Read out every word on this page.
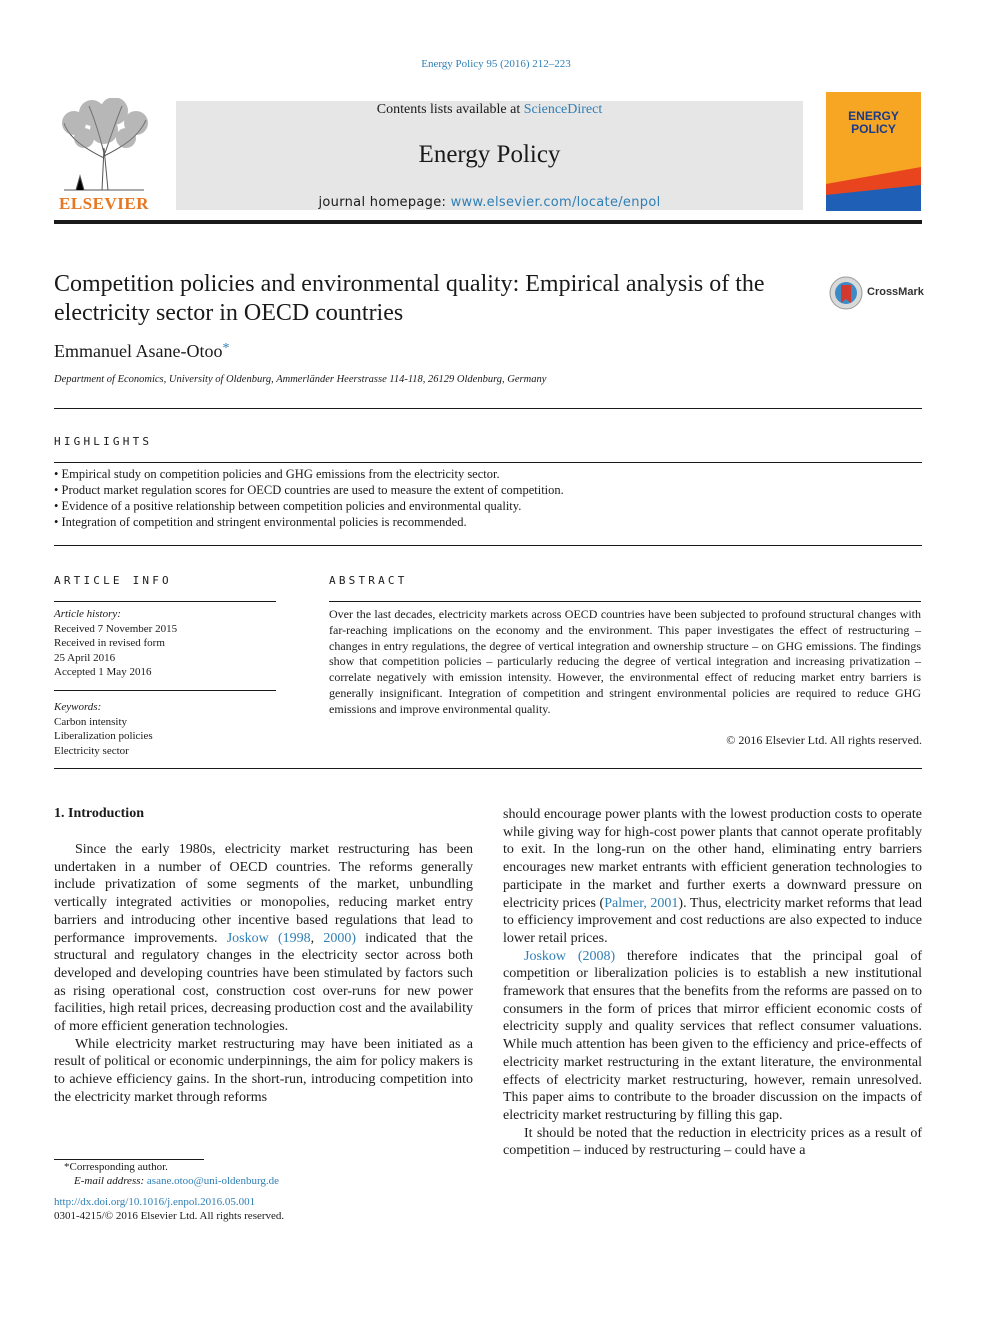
Energy Policy 95 (2016) 212–223
ELSEVIER
Contents lists available at ScienceDirect
Energy Policy
journal homepage: www.elsevier.com/locate/enpol
ENERGY
POLICY
Competition policies and environmental quality: Empirical analysis of the electricity sector in OECD countries
CrossMark
Emmanuel Asane-Otoo*
Department of Economics, University of Oldenburg, Ammerländer Heerstrasse 114-118, 26129 Oldenburg, Germany
HIGHLIGHTS
• Empirical study on competition policies and GHG emissions from the electricity sector.
• Product market regulation scores for OECD countries are used to measure the extent of competition.
• Evidence of a positive relationship between competition policies and environmental quality.
• Integration of competition and stringent environmental policies is recommended.
ARTICLE INFO	ABSTRACT
Article history:
Received 7 November 2015
Received in revised form
25 April 2016
Accepted 1 May 2016
Keywords:
Carbon intensity
Liberalization policies
Electricity sector
Over the last decades, electricity markets across OECD countries have been subjected to profound structural changes with far-reaching implications on the economy and the environment. This paper investigates the effect of restructuring – changes in entry regulations, the degree of vertical integration and ownership structure – on GHG emissions. The findings show that competition policies – particularly reducing the degree of vertical integration and increasing privatization – correlate negatively with emission intensity. However, the environmental effect of reducing market entry barriers is generally insignificant. Integration of competition and stringent environmental policies are required to reduce GHG emissions and improve environmental quality.
© 2016 Elsevier Ltd. All rights reserved.
1. Introduction

Since the early 1980s, electricity market restructuring has been undertaken in a number of OECD countries. The reforms generally include privatization of some segments of the market, unbundling vertically integrated activities or monopolies, reducing market entry barriers and introducing other incentive based regulations that lead to performance improvements. Joskow (1998, 2000) indicated that the structural and regulatory changes in the electricity sector across both developed and developing countries have been stimulated by factors such as rising operational cost, construction cost over-runs for new power facilities, high retail prices, decreasing production cost and the availability of more efficient generation technologies.

While electricity market restructuring may have been initiated as a result of political or economic underpinnings, the aim for policy makers is to achieve efficiency gains. In the short-run, introducing competition into the electricity market through reforms

should encourage power plants with the lowest production costs to operate while giving way for high-cost power plants that cannot operate profitably to exit. In the long-run on the other hand, eliminating entry barriers encourages new market entrants with efficient generation technologies to participate in the market and further exerts a downward pressure on electricity prices (Palmer, 2001). Thus, electricity market reforms that lead to efficiency improvement and cost reductions are also expected to induce lower retail prices.

Joskow (2008) therefore indicates that the principal goal of competition or liberalization policies is to establish a new institutional framework that ensures that the benefits from the reforms are passed on to consumers in the form of prices that mirror efficient economic costs of electricity supply and quality services that reflect consumer valuations. While much attention has been given to the efficiency and price-effects of electricity market restructuring in the extant literature, the environmental effects of electricity market restructuring, however, remain unresolved. This paper aims to contribute to the broader discussion on the impacts of electricity market restructuring by filling this gap.

It should be noted that the reduction in electricity prices as a result of competition – induced by restructuring – could have a

*Corresponding author.
E-mail address: asane.otoo@uni-oldenburg.de
http://dx.doi.org/10.1016/j.enpol.2016.05.001
0301-4215/© 2016 Elsevier Ltd. All rights reserved.
